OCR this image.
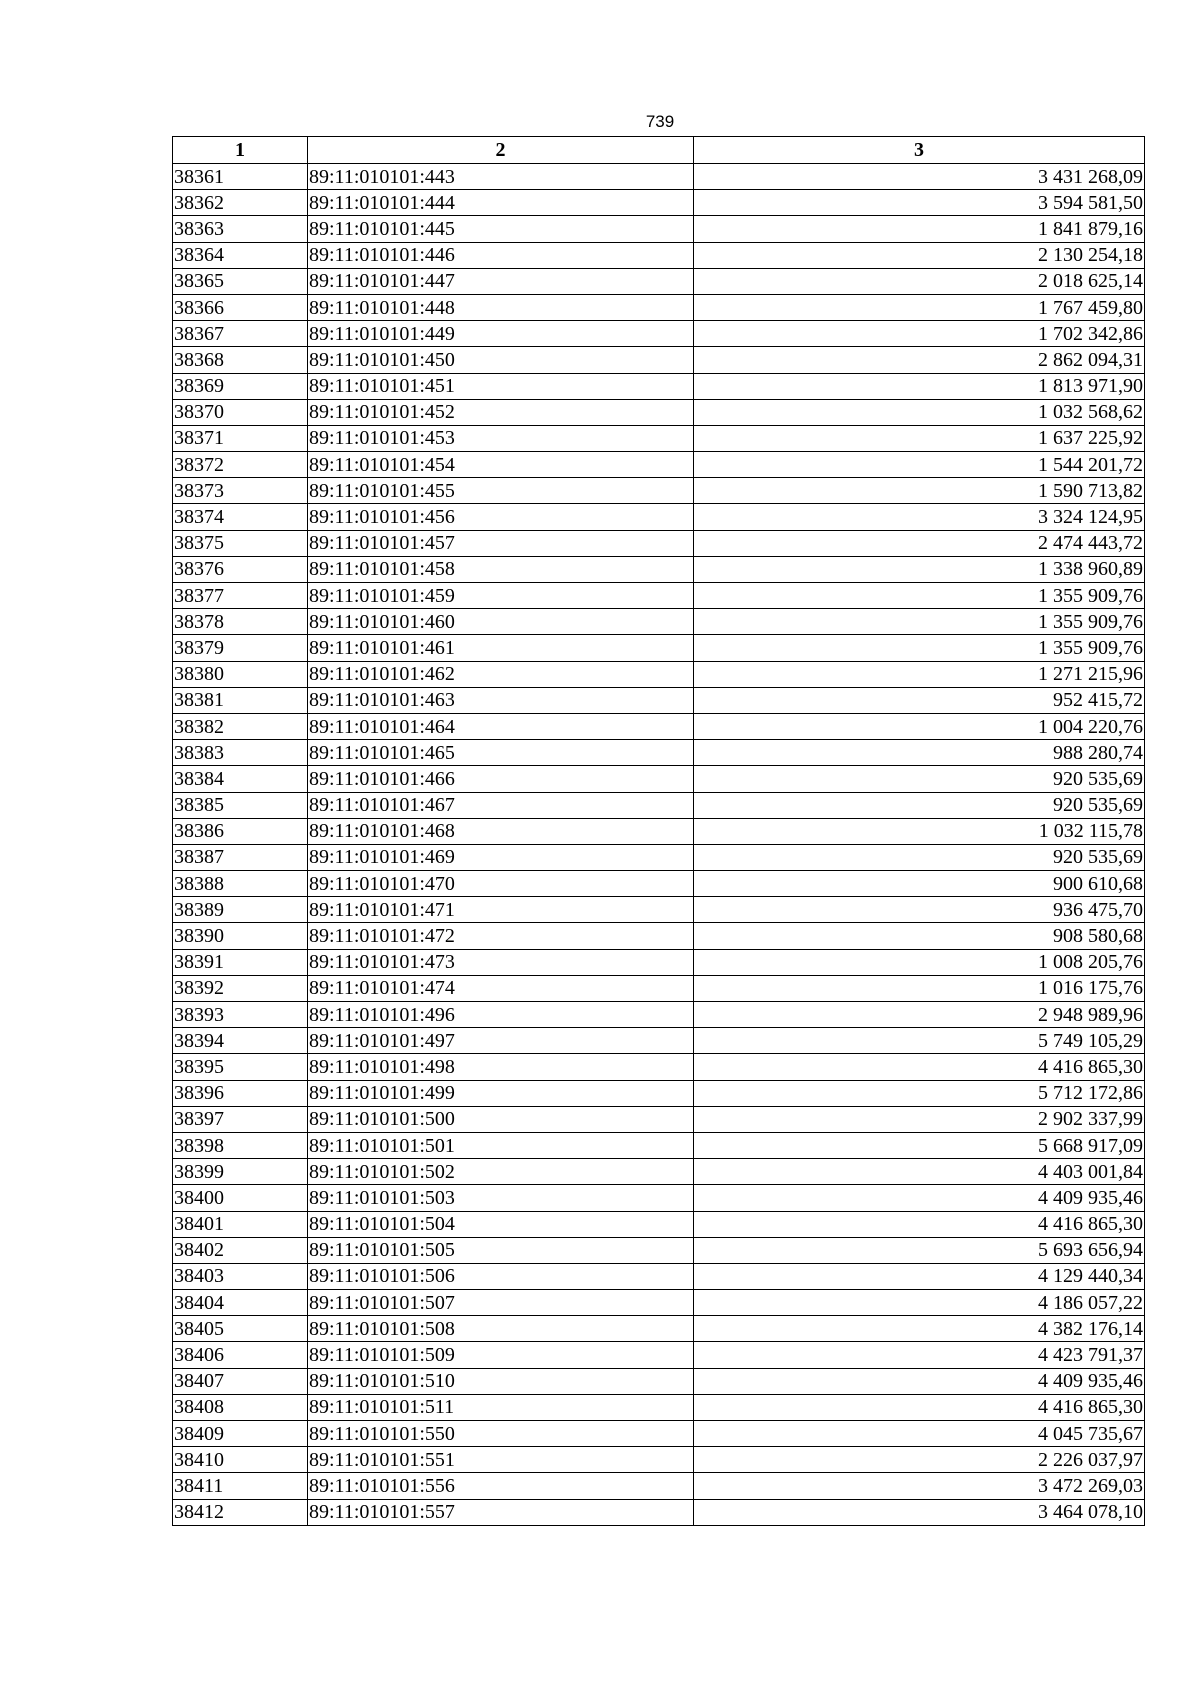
739
1	2	3
38361	89:11:010101:443	3 431 268,09
38362	89:11:010101:444	3 594 581,50
38363	89:11:010101:445	1 841 879,16
38364	89:11:010101:446	2 130 254,18
38365	89:11:010101:447	2 018 625,14
38366	89:11:010101:448	1 767 459,80
38367	89:11:010101:449	1 702 342,86
38368	89:11:010101:450	2 862 094,31
38369	89:11:010101:451	1 813 971,90
38370	89:11:010101:452	1 032 568,62
38371	89:11:010101:453	1 637 225,92
38372	89:11:010101:454	1 544 201,72
38373	89:11:010101:455	1 590 713,82
38374	89:11:010101:456	3 324 124,95
38375	89:11:010101:457	2 474 443,72
38376	89:11:010101:458	1 338 960,89
38377	89:11:010101:459	1 355 909,76
38378	89:11:010101:460	1 355 909,76
38379	89:11:010101:461	1 355 909,76
38380	89:11:010101:462	1 271 215,96
38381	89:11:010101:463	952 415,72
38382	89:11:010101:464	1 004 220,76
38383	89:11:010101:465	988 280,74
38384	89:11:010101:466	920 535,69
38385	89:11:010101:467	920 535,69
38386	89:11:010101:468	1 032 115,78
38387	89:11:010101:469	920 535,69
38388	89:11:010101:470	900 610,68
38389	89:11:010101:471	936 475,70
38390	89:11:010101:472	908 580,68
38391	89:11:010101:473	1 008 205,76
38392	89:11:010101:474	1 016 175,76
38393	89:11:010101:496	2 948 989,96
38394	89:11:010101:497	5 749 105,29
38395	89:11:010101:498	4 416 865,30
38396	89:11:010101:499	5 712 172,86
38397	89:11:010101:500	2 902 337,99
38398	89:11:010101:501	5 668 917,09
38399	89:11:010101:502	4 403 001,84
38400	89:11:010101:503	4 409 935,46
38401	89:11:010101:504	4 416 865,30
38402	89:11:010101:505	5 693 656,94
38403	89:11:010101:506	4 129 440,34
38404	89:11:010101:507	4 186 057,22
38405	89:11:010101:508	4 382 176,14
38406	89:11:010101:509	4 423 791,37
38407	89:11:010101:510	4 409 935,46
38408	89:11:010101:511	4 416 865,30
38409	89:11:010101:550	4 045 735,67
38410	89:11:010101:551	2 226 037,97
38411	89:11:010101:556	3 472 269,03
38412	89:11:010101:557	3 464 078,10
